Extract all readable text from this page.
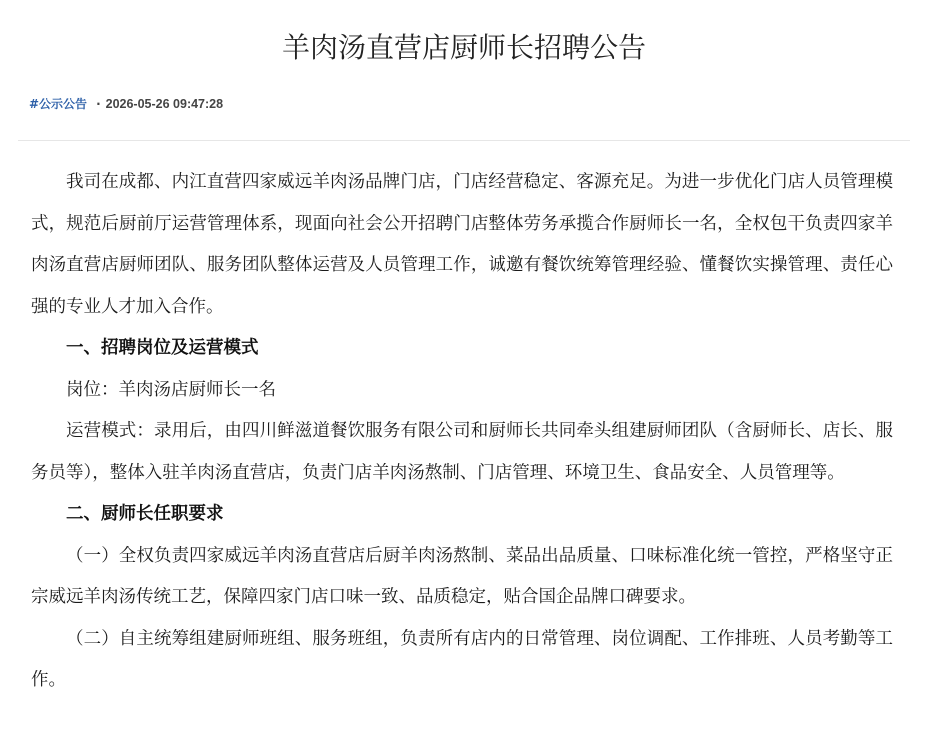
羊肉汤直营店厨师长招聘公告
#公示公告 · 2026-05-26 09:47:28

我司在成都、内江直营四家威远羊肉汤品牌门店，门店经营稳定、客源充足。为进一步优化门店人员管理模式，规范后厨前厅运营管理体系，现面向社会公开招聘门店整体劳务承揽合作厨师长一名，全权包干负责四家羊肉汤直营店厨师团队、服务团队整体运营及人员管理工作，诚邀有餐饮统筹管理经验、懂餐饮实操管理、责任心强的专业人才加入合作。

一、招聘岗位及运营模式

岗位：羊肉汤店厨师长一名

运营模式：录用后，由四川鲜滋道餐饮服务有限公司和厨师长共同牵头组建厨师团队（含厨师长、店长、服务员等），整体入驻羊肉汤直营店，负责门店羊肉汤熬制、门店管理、环境卫生、食品安全、人员管理等。

二、厨师长任职要求

（一）全权负责四家威远羊肉汤直营店后厨羊肉汤熬制、菜品出品质量、口味标准化统一管控，严格坚守正宗威远羊肉汤传统工艺，保障四家门店口味一致、品质稳定，贴合国企品牌口碑要求。

（二）自主统筹组建厨师班组、服务班组，负责所有店内的日常管理、岗位调配、工作排班、人员考勤等工作。
